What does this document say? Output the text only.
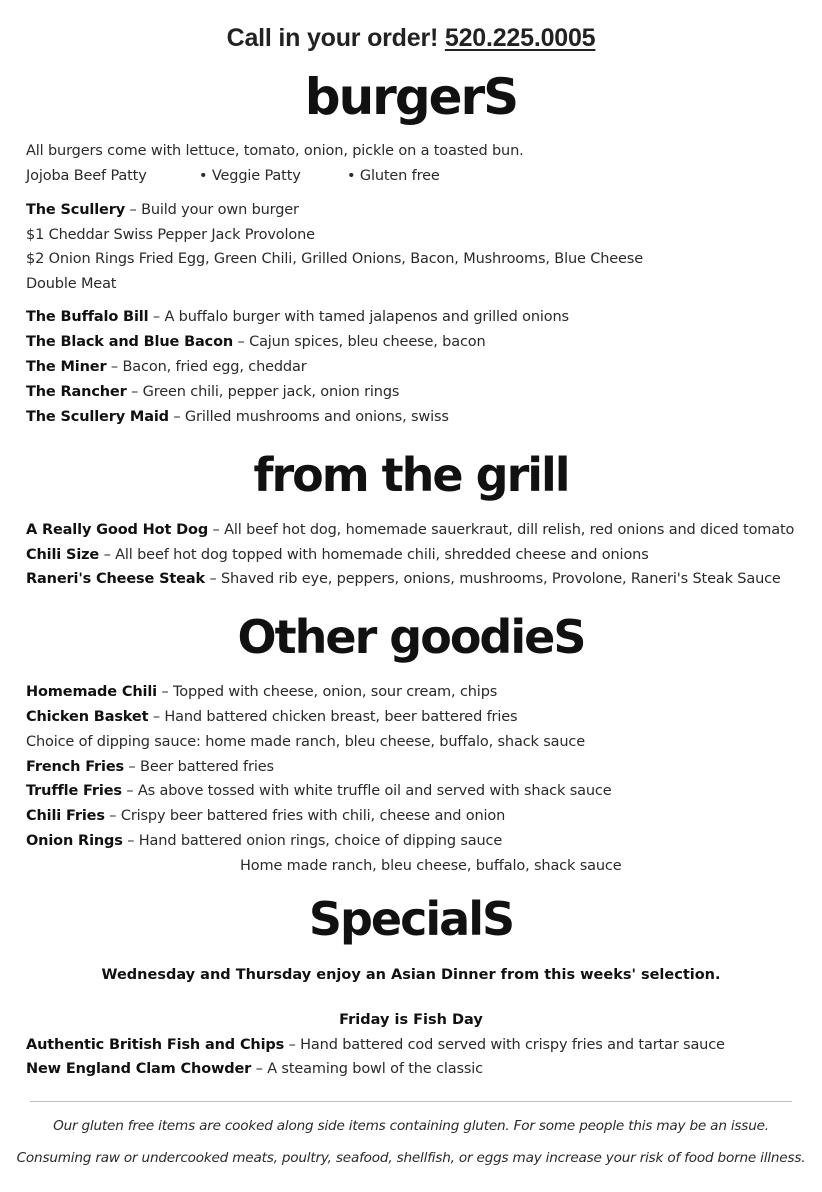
Call in your order! 520.225.0005
burgerS
All burgers come with lettuce, tomato, onion, pickle on a toasted bun.
Jojoba Beef Patty	• Veggie Patty	• Gluten free
The Scullery – Build your own burger
$1 Cheddar Swiss Pepper Jack Provolone
$2 Onion Rings Fried Egg, Green Chili, Grilled Onions, Bacon, Mushrooms, Blue Cheese
Double Meat
The Buffalo Bill – A buffalo burger with tamed jalapenos and grilled onions
The Black and Blue Bacon – Cajun spices, bleu cheese, bacon
The Miner – Bacon, fried egg, cheddar
The Rancher – Green chili, pepper jack, onion rings
The Scullery Maid – Grilled mushrooms and onions, swiss
from the grill
A Really Good Hot Dog – All beef hot dog, homemade sauerkraut, dill relish, red onions and diced tomato
Chili Size – All beef hot dog topped with homemade chili, shredded cheese and onions
Raneri's Cheese Steak – Shaved rib eye, peppers, onions, mushrooms, Provolone, Raneri's Steak Sauce
Other goodieS
Homemade Chili – Topped with cheese, onion, sour cream, chips
Chicken Basket – Hand battered chicken breast, beer battered fries
Choice of dipping sauce: home made ranch, bleu cheese, buffalo, shack sauce
French Fries – Beer battered fries
Truffle Fries – As above tossed with white truffle oil and served with shack sauce
Chili Fries – Crispy beer battered fries with chili, cheese and onion
Onion Rings – Hand battered onion rings, choice of dipping sauce
Home made ranch, bleu cheese, buffalo, shack sauce
SpecialS
Wednesday and Thursday enjoy an Asian Dinner from this weeks' selection.
Friday is Fish Day
Authentic British Fish and Chips – Hand battered cod served with crispy fries and tartar sauce
New England Clam Chowder – A steaming bowl of the classic
Our gluten free items are cooked along side items containing gluten. For some people this may be an issue.
Consuming raw or undercooked meats, poultry, seafood, shellfish, or eggs may increase your risk of food borne illness.
